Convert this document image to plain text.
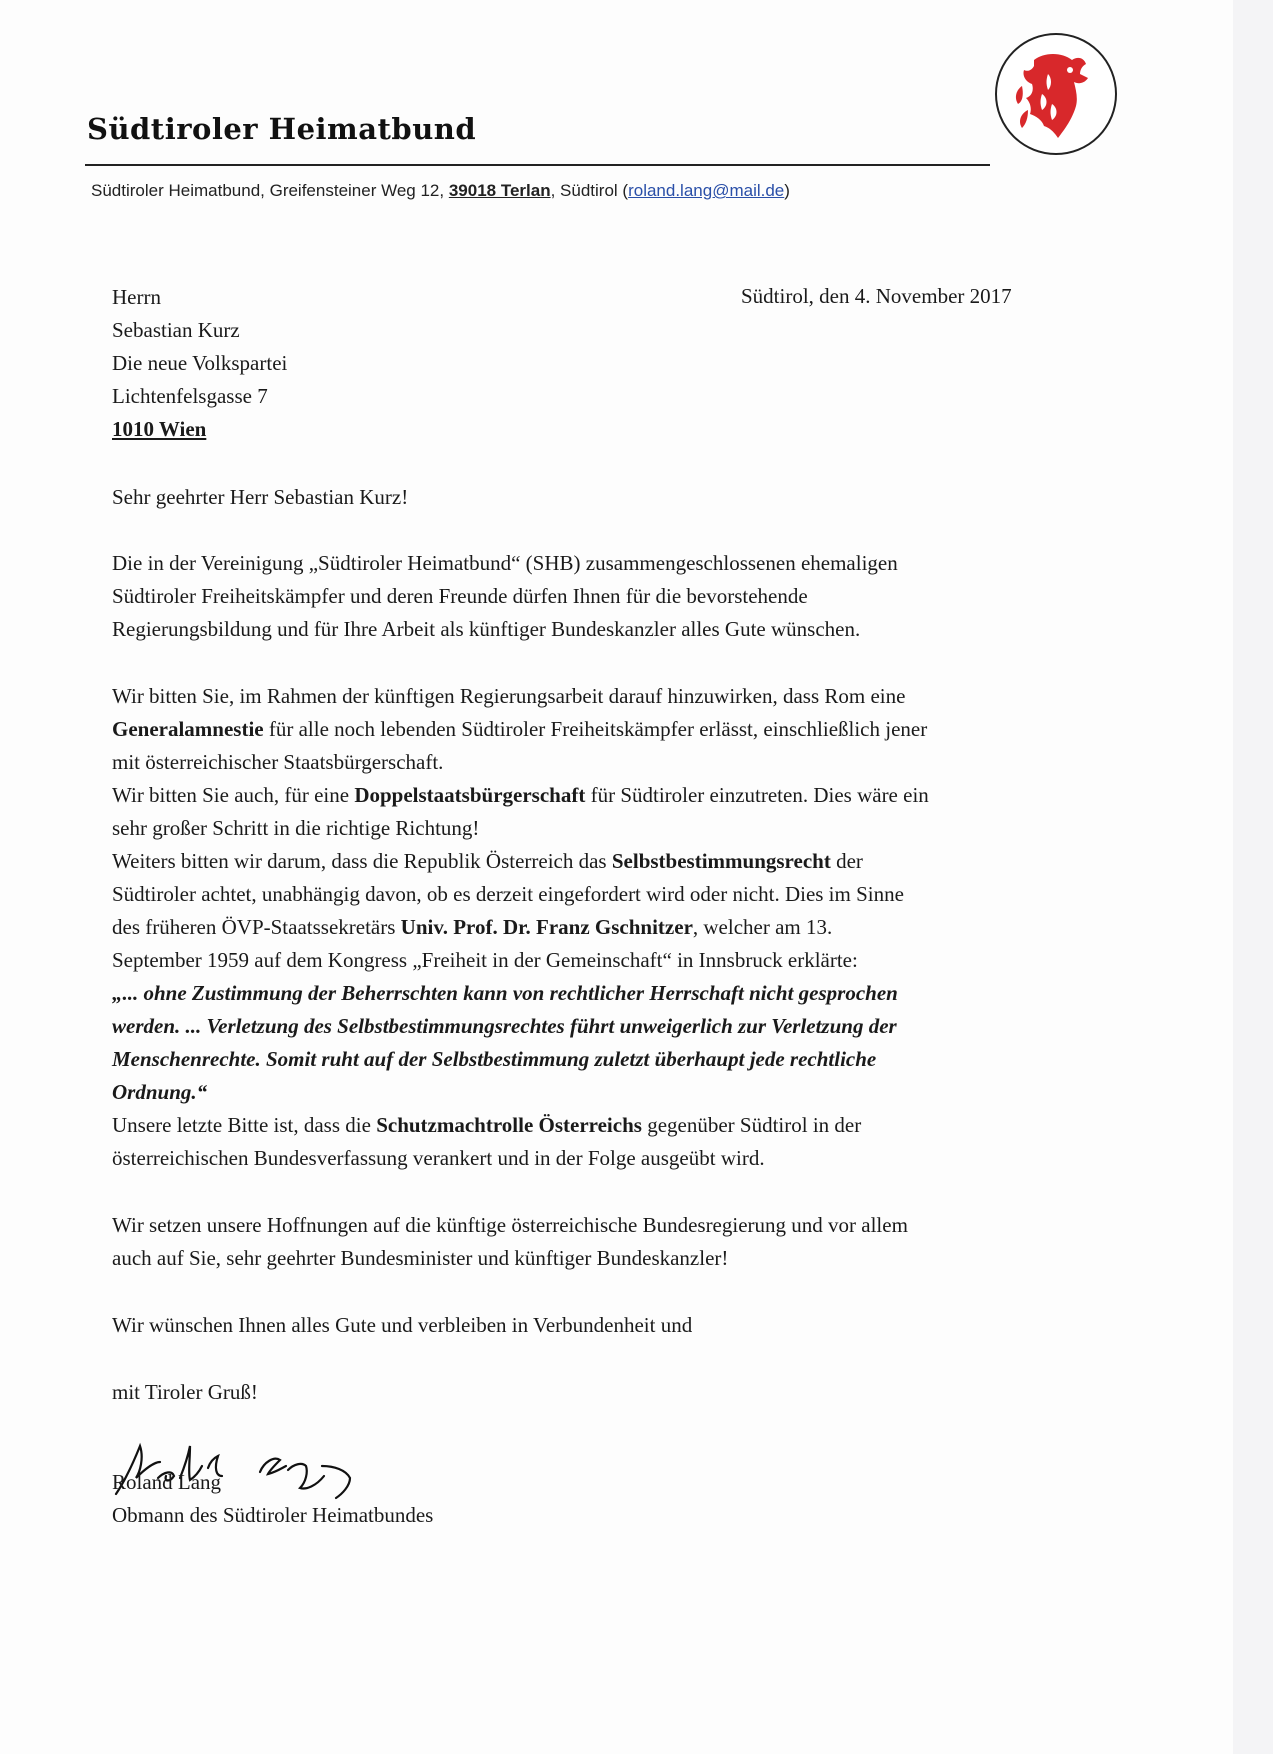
Südtiroler Heimatbund
Südtiroler Heimatbund, Greifensteiner Weg 12, 39018 Terlan, Südtirol (roland.lang@mail.de)
Südtirol, den 4. November 2017
Herrn
Sebastian Kurz
Die neue Volkspartei
Lichtenfelsgasse 7
1010 Wien
Sehr geehrter Herr Sebastian Kurz!
Die in der Vereinigung „Südtiroler Heimatbund“ (SHB) zusammengeschlossenen ehemaligen
Südtiroler Freiheitskämpfer und deren Freunde dürfen Ihnen für die bevorstehende
Regierungsbildung und für Ihre Arbeit als künftiger Bundeskanzler alles Gute wünschen.
Wir bitten Sie, im Rahmen der künftigen Regierungsarbeit darauf hinzuwirken, dass Rom eine
Generalamnestie für alle noch lebenden Südtiroler Freiheitskämpfer erlässt, einschließlich jener
mit österreichischer Staatsbürgerschaft.
Wir bitten Sie auch, für eine Doppelstaatsbürgerschaft für Südtiroler einzutreten. Dies wäre ein
sehr großer Schritt in die richtige Richtung!
Weiters bitten wir darum, dass die Republik Österreich das Selbstbestimmungsrecht der
Südtiroler achtet, unabhängig davon, ob es derzeit eingefordert wird oder nicht. Dies im Sinne
des früheren ÖVP-Staatssekretärs Univ. Prof. Dr. Franz Gschnitzer, welcher am 13.
September 1959 auf dem Kongress „Freiheit in der Gemeinschaft“ in Innsbruck erklärte:
„... ohne Zustimmung der Beherrschten kann von rechtlicher Herrschaft nicht gesprochen
werden. ... Verletzung des Selbstbestimmungsrechtes führt unweigerlich zur Verletzung der
Menschenrechte. Somit ruht auf der Selbstbestimmung zuletzt überhaupt jede rechtliche
Ordnung.“
Unsere letzte Bitte ist, dass die Schutzmachtrolle Österreichs gegenüber Südtirol in der
österreichischen Bundesverfassung verankert und in der Folge ausgeübt wird.
Wir setzen unsere Hoffnungen auf die künftige österreichische Bundesregierung und vor allem
auch auf Sie, sehr geehrter Bundesminister und künftiger Bundeskanzler!
Wir wünschen Ihnen alles Gute und verbleiben in Verbundenheit und
mit Tiroler Gruß!
Roland Lang
Obmann des Südtiroler Heimatbundes
